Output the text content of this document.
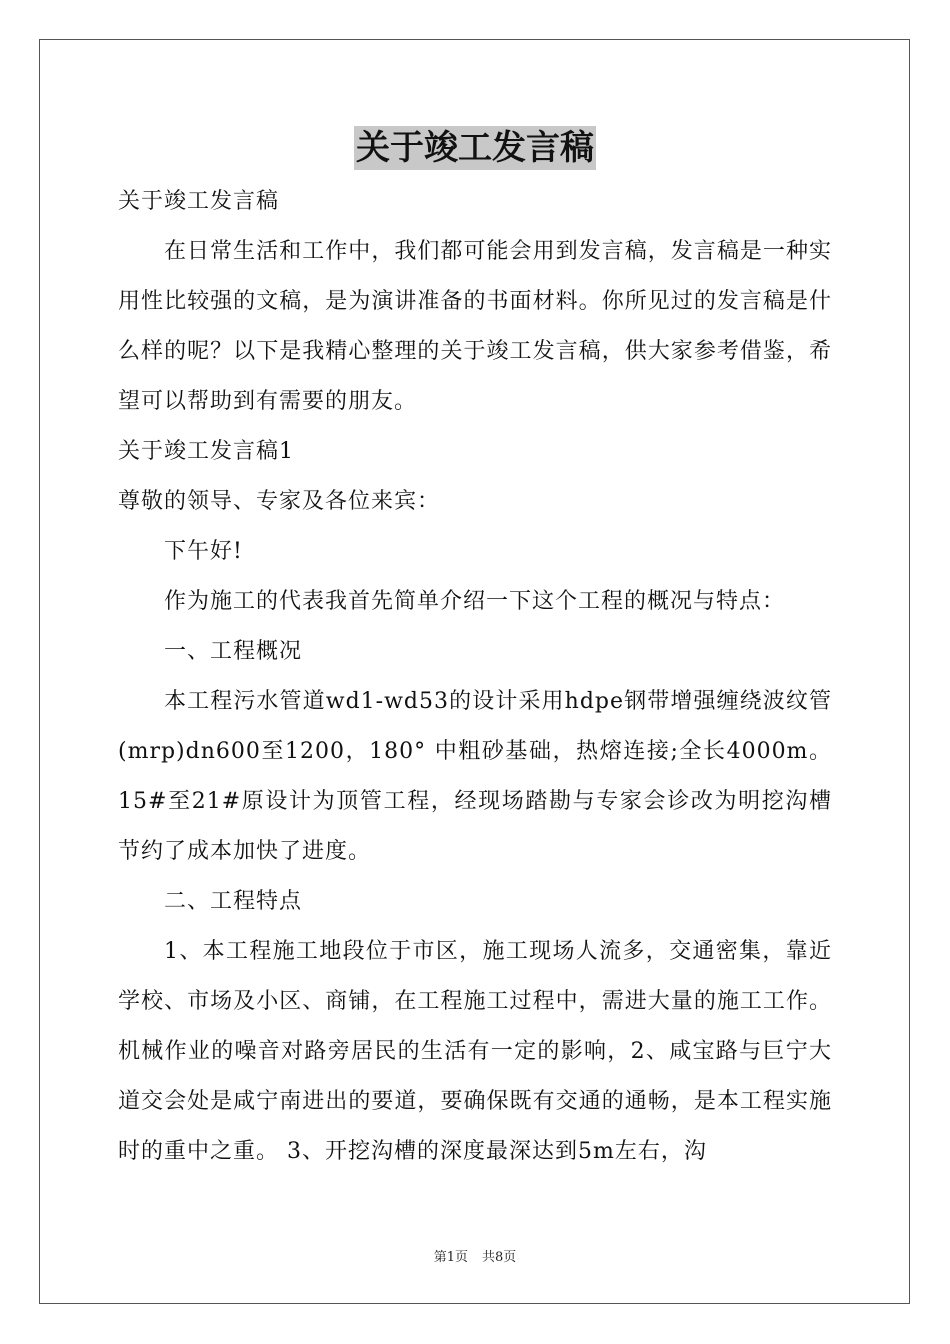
关于竣工发言稿

关于竣工发言稿

在日常生活和工作中，我们都可能会用到发言稿，发言稿是一种实用性比较强的文稿，是为演讲准备的书面材料。你所见过的发言稿是什么样的呢？以下是我精心整理的关于竣工发言稿，供大家参考借鉴，希望可以帮助到有需要的朋友。

关于竣工发言稿1

尊敬的领导、专家及各位来宾：

下午好!

作为施工的代表我首先简单介绍一下这个工程的概况与特点：

一、工程概况

本工程污水管道wd1-wd53的设计采用hdpe钢带增强缠绕波纹管(mrp)dn600至1200，180° 中粗砂基础，热熔连接;全长4000m。15#至21#原设计为顶管工程，经现场踏勘与专家会诊改为明挖沟槽节约了成本加快了进度。

二、工程特点

1、本工程施工地段位于市区，施工现场人流多，交通密集，靠近学校、市场及小区、商铺，在工程施工过程中，需进大量的施工工作。机械作业的噪音对路旁居民的生活有一定的影响，2、咸宝路与巨宁大道交会处是咸宁南进出的要道，要确保既有交通的通畅，是本工程实施时的重中之重。 3、开挖沟槽的深度最深达到5m左右，沟

第1页 共8页
